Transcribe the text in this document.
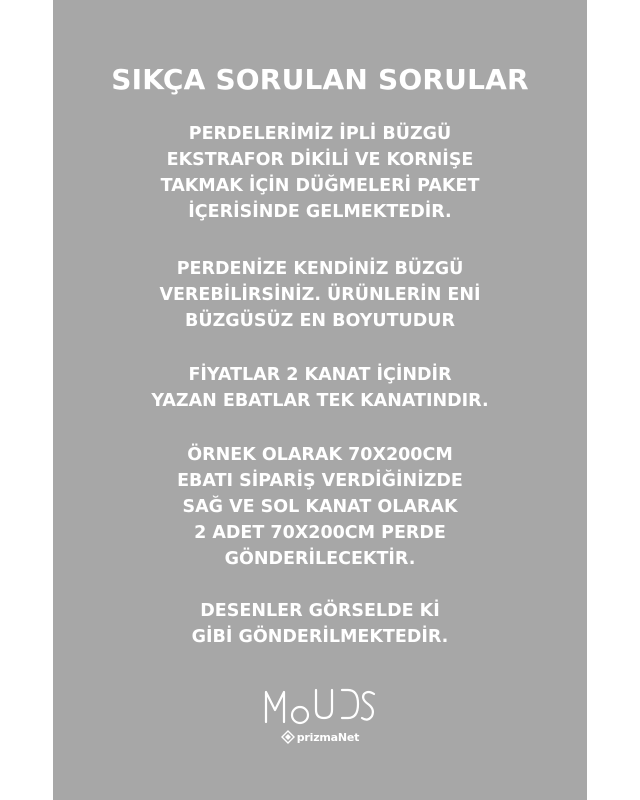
SIKÇA SORULAN SORULAR
PERDELERİMİZ İPLİ BÜZGÜ
EKSTRAFOR DİKİLİ VE KORNİŞE
TAKMAK İÇİN DÜĞMELERİ PAKET
İÇERİSİNDE GELMEKTEDİR.
PERDENİZE KENDİNİZ BÜZGÜ
VEREBİLİRSİNİZ. ÜRÜNLERİN ENİ
BÜZGÜSÜZ EN BOYUTUDUR
FİYATLAR 2 KANAT İÇİNDİR
YAZAN EBATLAR TEK KANATINDIR.
ÖRNEK OLARAK 70X200CM
EBATI SİPARİŞ VERDİĞİNİZDE
SAĞ VE SOL KANAT OLARAK
2 ADET 70X200CM PERDE
GÖNDERİLECEKTİR.
DESENLER GÖRSELDE Kİ
GİBİ GÖNDERİLMEKTEDİR.
prizmaNet
